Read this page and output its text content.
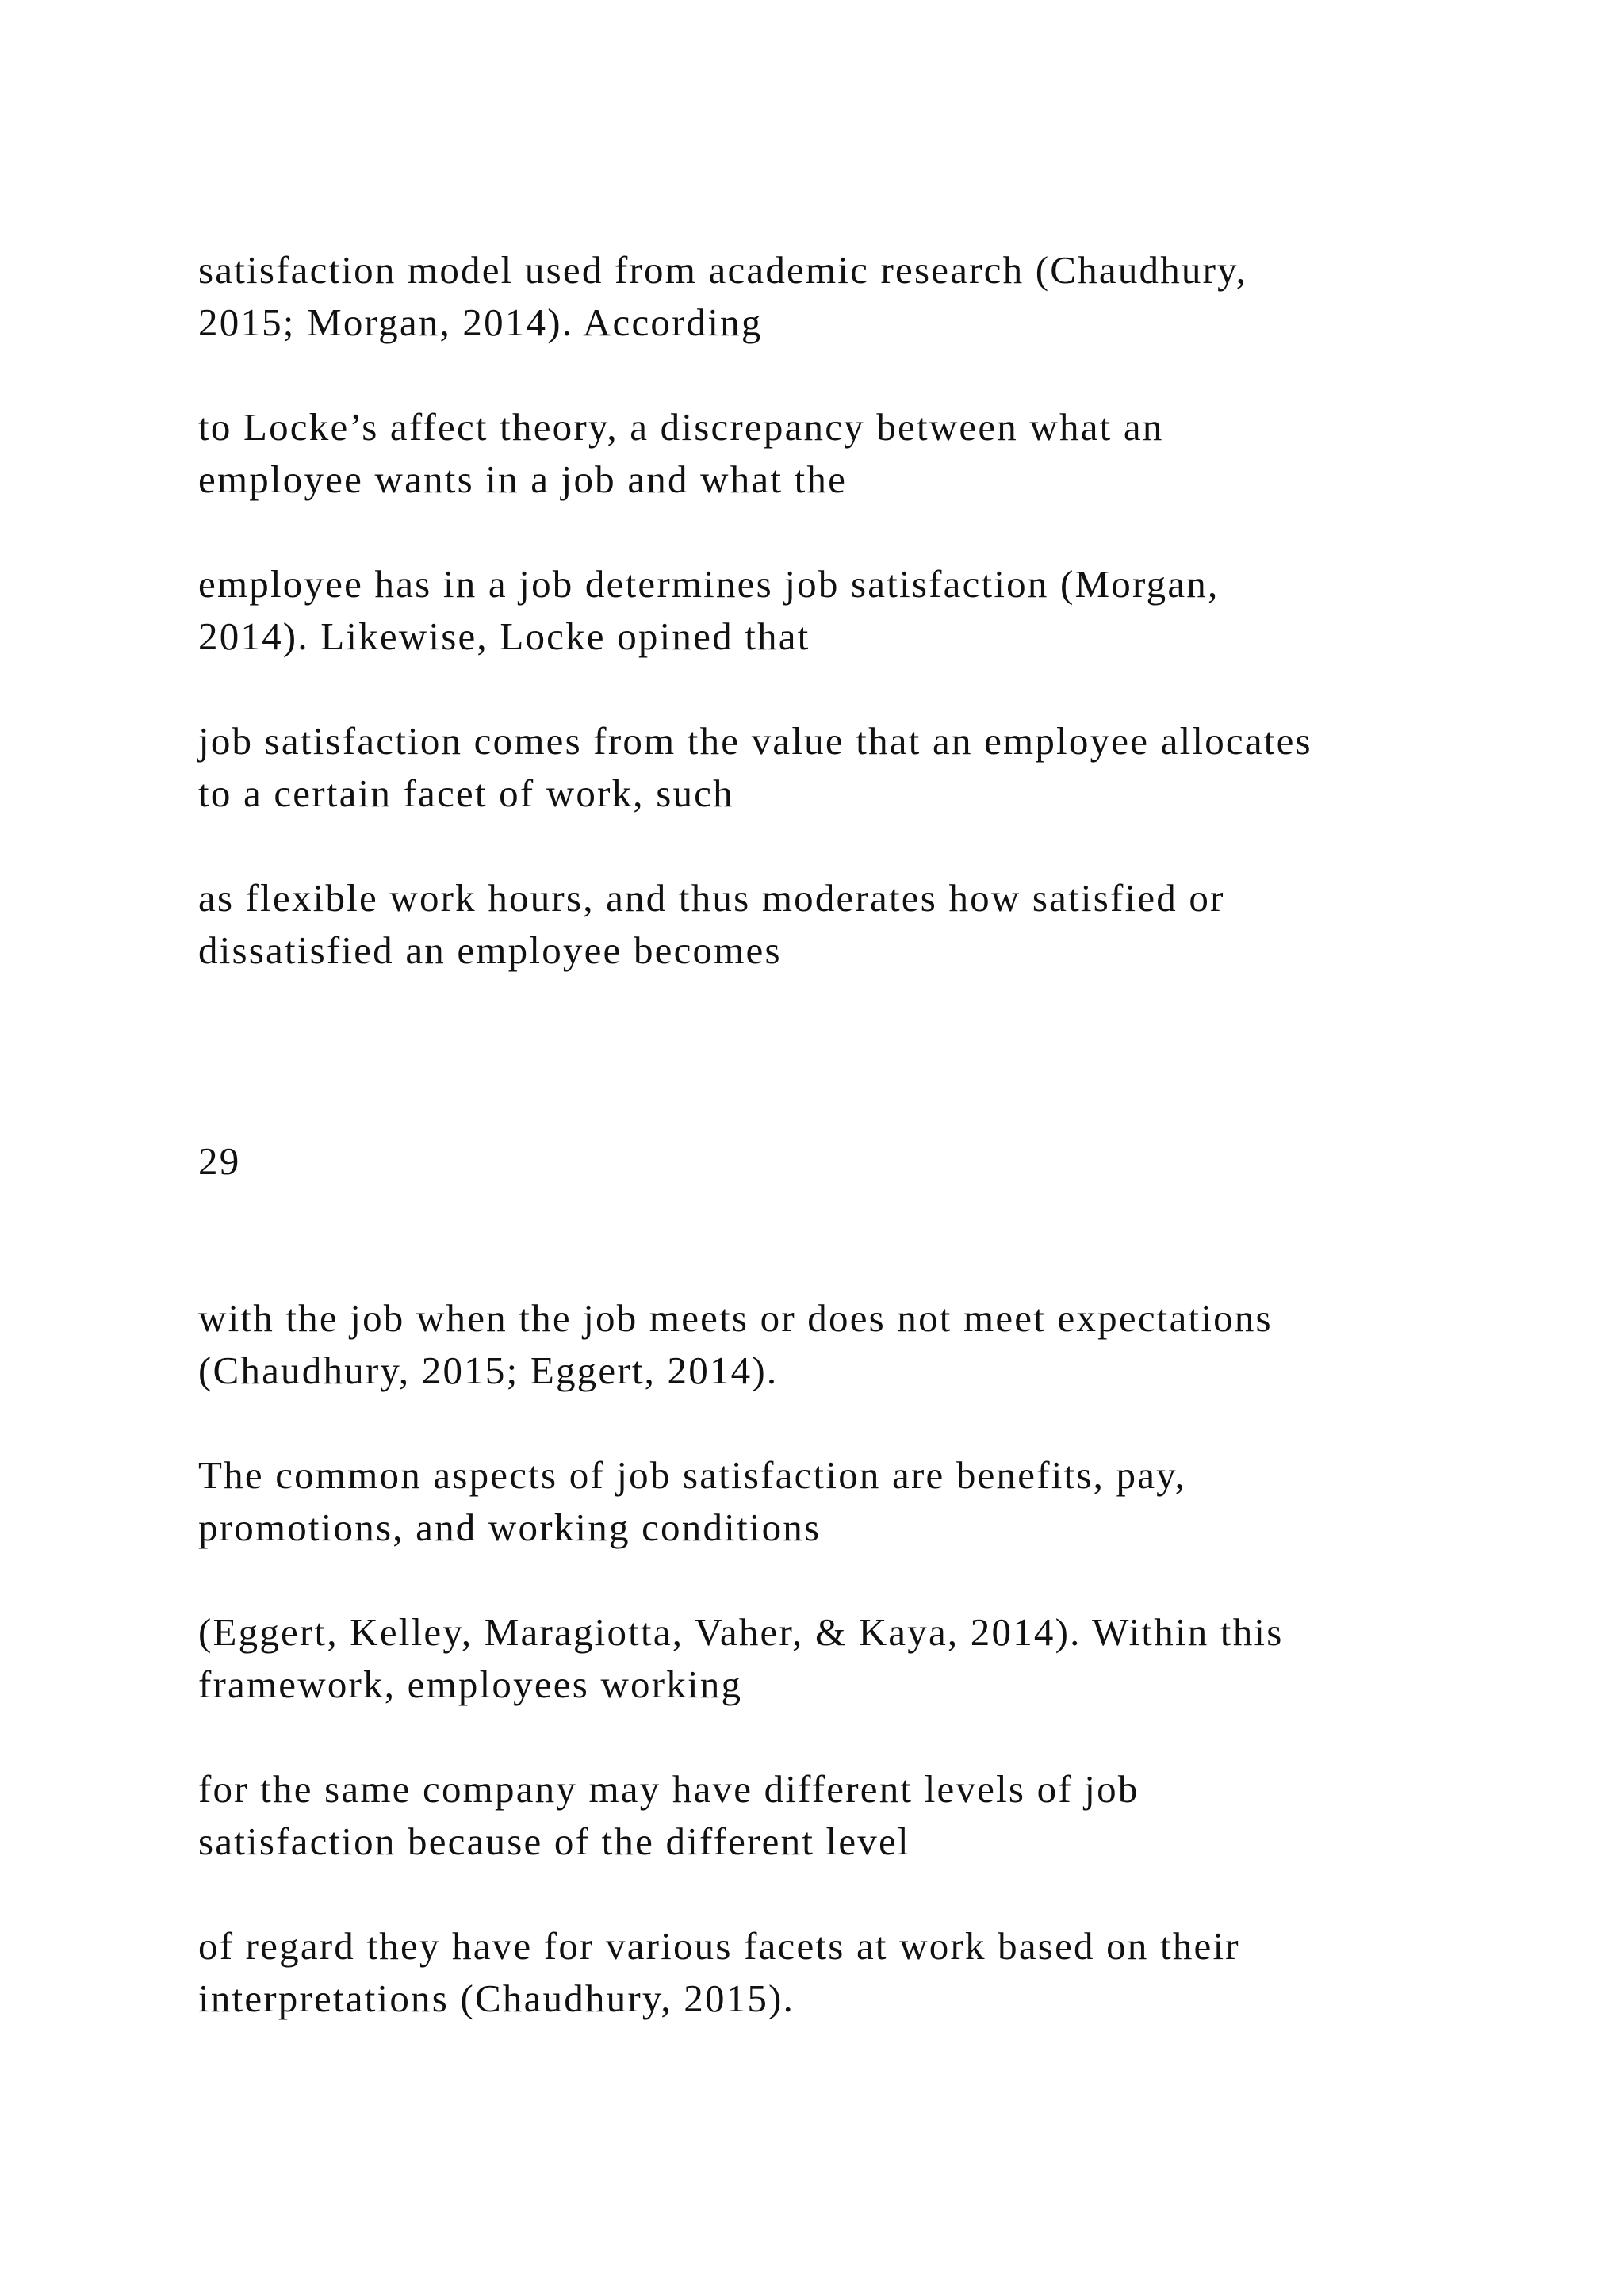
satisfaction model used from academic research (Chaudhury,
2015; Morgan, 2014). According

to Locke’s affect theory, a discrepancy between what an
employee wants in a job and what the

employee has in a job determines job satisfaction (Morgan,
2014). Likewise, Locke opined that

job satisfaction comes from the value that an employee allocates
to a certain facet of work, such

as flexible work hours, and thus moderates how satisfied or
dissatisfied an employee becomes

29

with the job when the job meets or does not meet expectations
(Chaudhury, 2015; Eggert, 2014).

The common aspects of job satisfaction are benefits, pay,
promotions, and working conditions

(Eggert, Kelley, Maragiotta, Vaher, & Kaya, 2014). Within this
framework, employees working

for the same company may have different levels of job
satisfaction because of the different level

of regard they have for various facets at work based on their
interpretations (Chaudhury, 2015).
